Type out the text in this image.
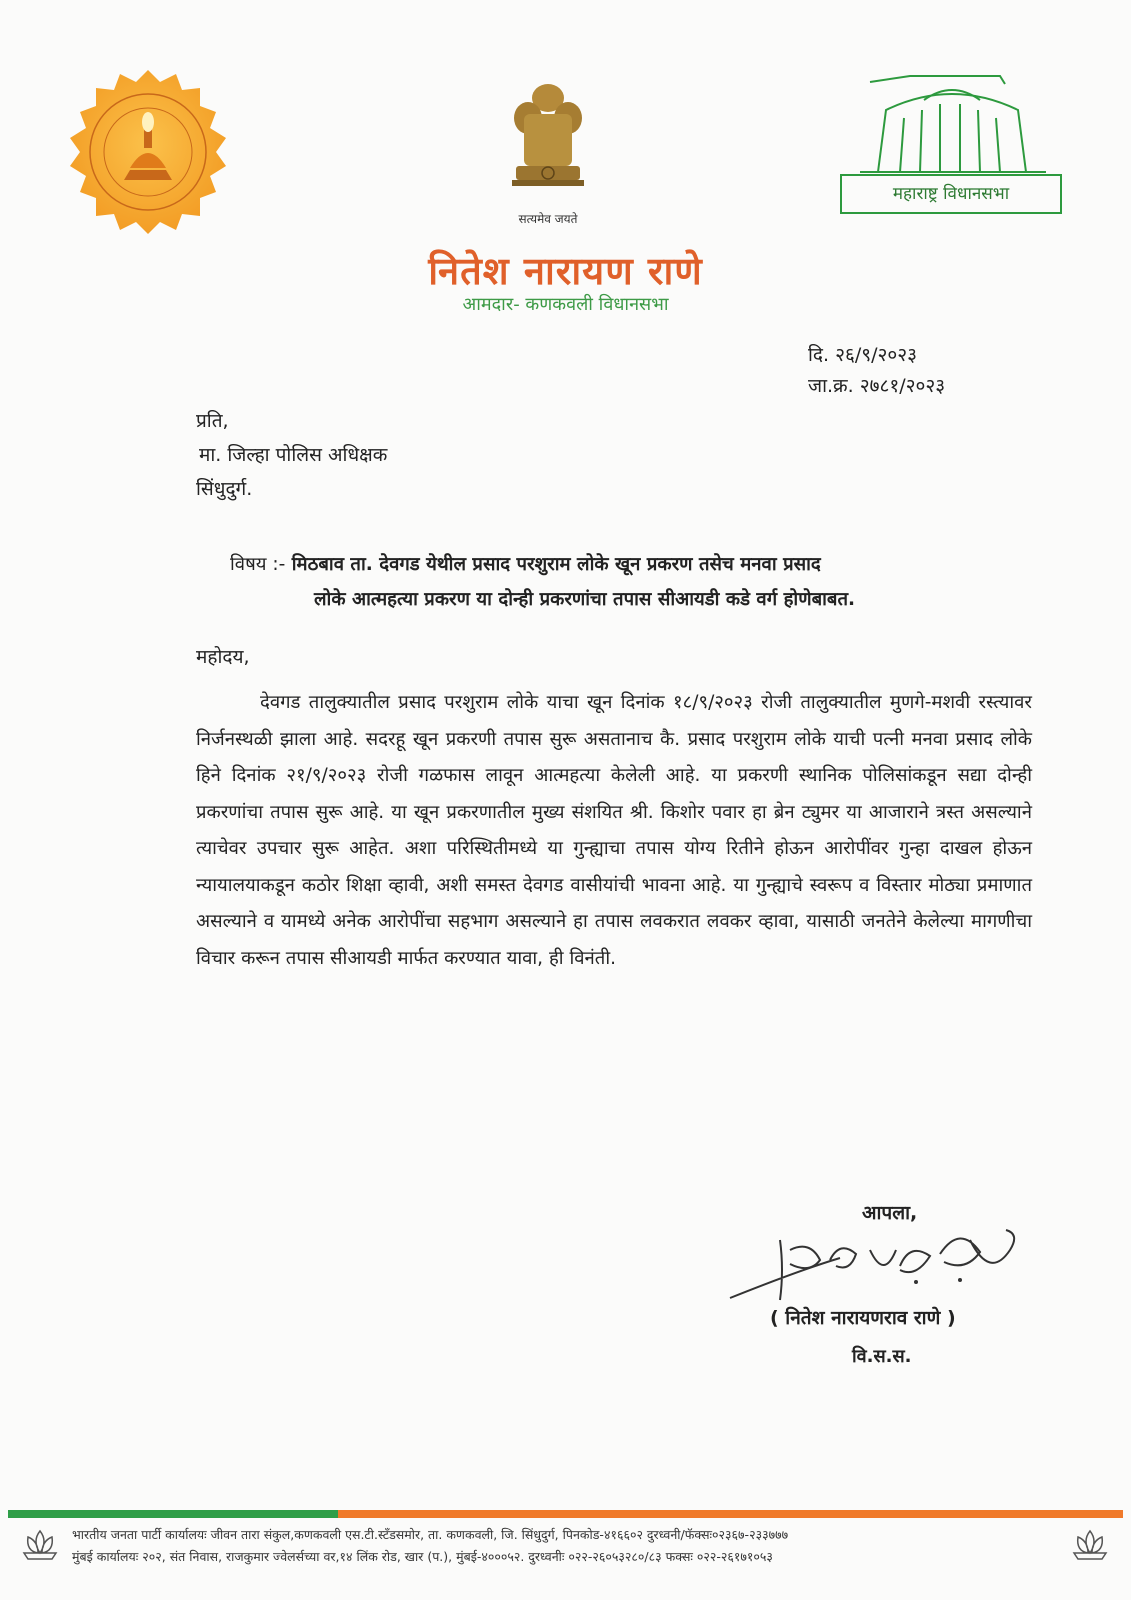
सत्यमेव जयते
महाराष्ट्र विधानसभा
नितेश नारायण राणे
आमदार- कणकवली विधानसभा
दि. २६/९/२०२३
जा.क्र. २७८१/२०२३
प्रति,
मा. जिल्हा पोलिस अधिक्षक
सिंधुदुर्ग.
विषय :- मिठबाव ता. देवगड येथील प्रसाद परशुराम लोके खून प्रकरण तसेच मनवा प्रसाद
लोके आत्महत्या प्रकरण या दोन्ही प्रकरणांचा तपास सीआयडी कडे वर्ग होणेबाबत.
महोदय,
देवगड तालुक्यातील प्रसाद परशुराम लोके याचा खून दिनांक १८/९/२०२३ रोजी तालुक्यातील मुणगे-मशवी रस्त्यावर निर्जनस्थळी झाला आहे. सदरहू खून प्रकरणी तपास सुरू असतानाच कै. प्रसाद परशुराम लोके याची पत्नी मनवा प्रसाद लोके हिने दिनांक २१/९/२०२३ रोजी गळफास लावून आत्महत्या केलेली आहे. या प्रकरणी स्थानिक पोलिसांकडून सद्या दोन्ही प्रकरणांचा तपास सुरू आहे. या खून प्रकरणातील मुख्य संशयित श्री. किशोर पवार हा ब्रेन ट्युमर या आजाराने त्रस्त असल्याने त्याचेवर उपचार सुरू आहेत. अशा परिस्थितीमध्ये या गुन्ह्याचा तपास योग्य रितीने होऊन आरोपींवर गुन्हा दाखल होऊन न्यायालयाकडून कठोर शिक्षा व्हावी, अशी समस्त देवगड वासीयांची भावना आहे. या गुन्ह्याचे स्वरूप व विस्तार मोठ्या प्रमाणात असल्याने व यामध्ये अनेक आरोपींचा सहभाग असल्याने हा तपास लवकरात लवकर व्हावा, यासाठी जनतेने केलेल्या मागणीचा विचार करून तपास सीआयडी मार्फत करण्यात यावा, ही विनंती.
आपला,
( नितेश नारायणराव राणे )
वि.स.स.
भारतीय जनता पार्टी कार्यालयः जीवन तारा संकुल,कणकवली एस.टी.स्टॅंडसमोर, ता. कणकवली, जि. सिंधुदुर्ग, पिनकोड-४१६६०२ दुरध्वनी/फॅक्सः०२३६७-२३३७७७
मुंबई कार्यालयः २०२, संत निवास, राजकुमार ज्वेलर्सच्या वर,१४ लिंक रोड, खार (प.), मुंबई-४०००५२. दुरध्वनीः ०२२-२६०५३२८०/८३ फक्सः ०२२-२६१७१०५३
